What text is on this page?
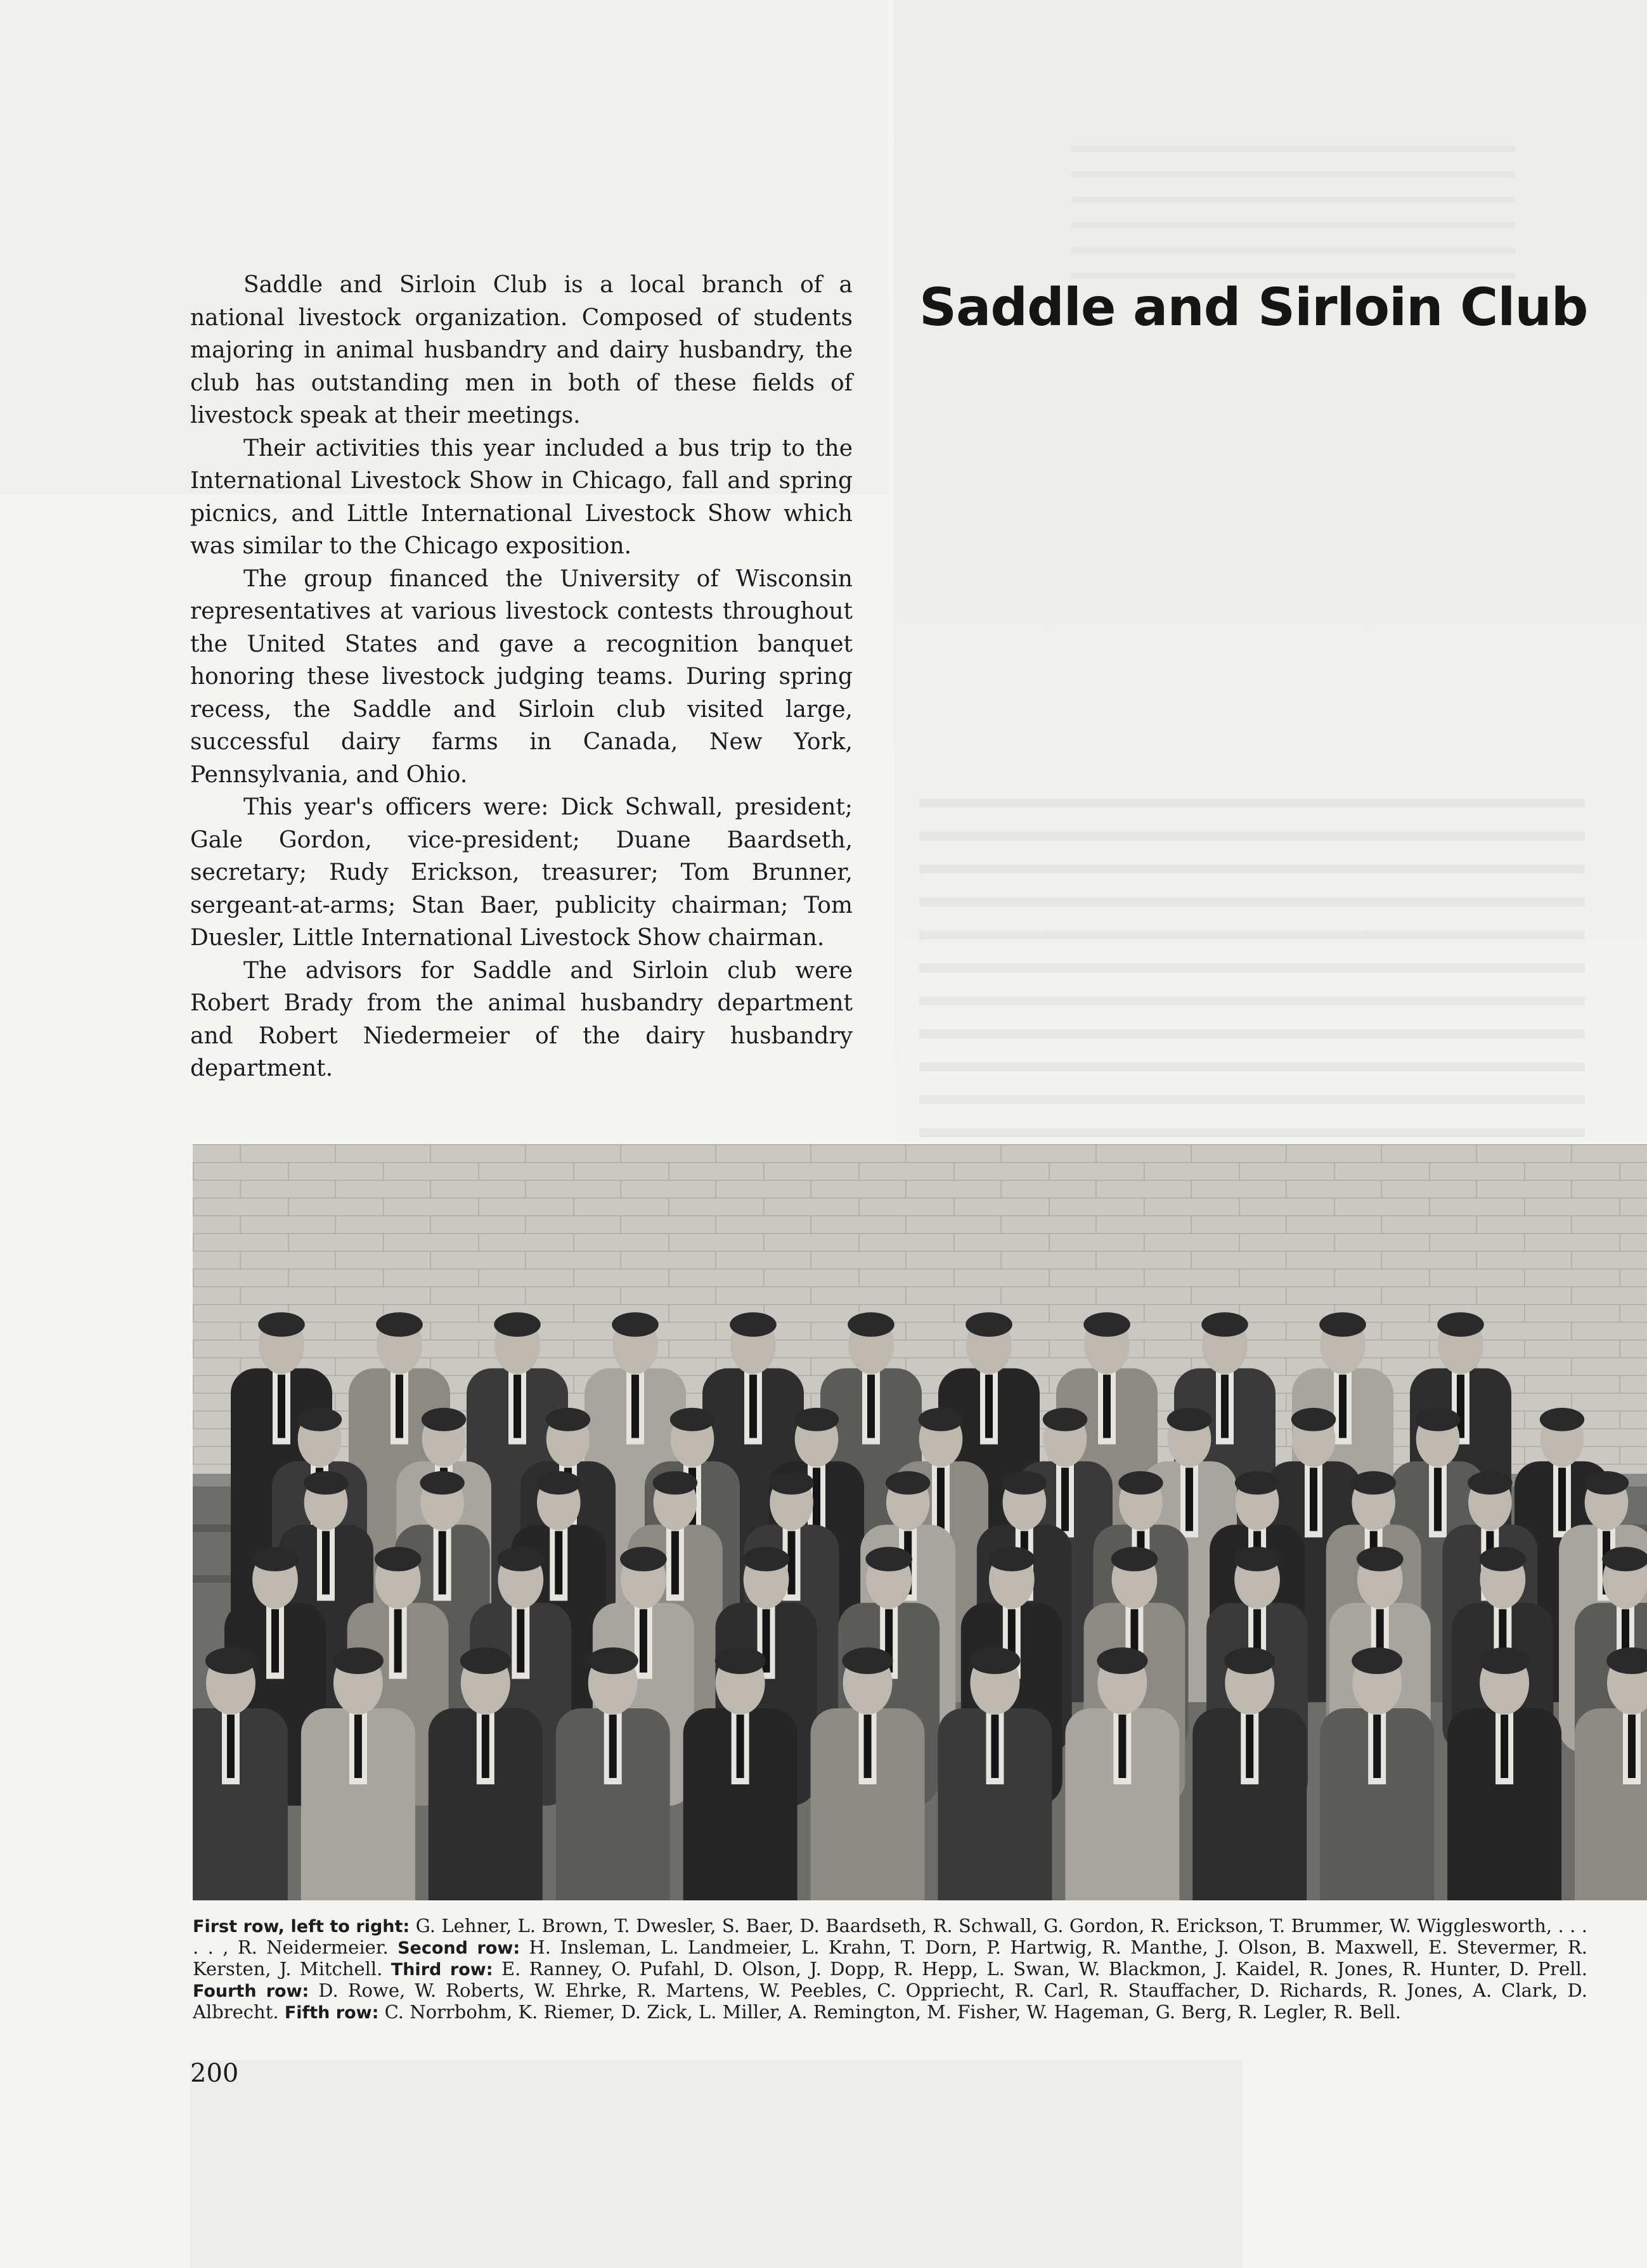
Saddle and Sirloin Club is a local branch of a national livestock organization. Composed of students majoring in animal husbandry and dairy husbandry, the club has outstanding men in both of these fields of livestock speak at their meetings.

Their activities this year included a bus trip to the International Livestock Show in Chicago, fall and spring picnics, and Little International Livestock Show which was similar to the Chicago exposition.

The group financed the University of Wisconsin representatives at various livestock contests throughout the United States and gave a recognition banquet honoring these livestock judging teams. During spring recess, the Saddle and Sirloin club visited large, successful dairy farms in Canada, New York, Pennsylvania, and Ohio.

This year's officers were: Dick Schwall, president; Gale Gordon, vice-president; Duane Baardseth, secretary; Rudy Erickson, treasurer; Tom Brunner, sergeant-at-arms; Stan Baer, publicity chairman; Tom Duesler, Little International Livestock Show chairman.

The advisors for Saddle and Sirloin club were Robert Brady from the animal husbandry department and Robert Niedermeier of the dairy husbandry department.

Saddle and Sirloin Club
First row, left to right: G. Lehner, L. Brown, T. Dwesler, S. Baer, D. Baardseth, R. Schwall, G. Gordon, R. Erickson, T. Brummer, W. Wigglesworth, . . . . . , R. Neidermeier. Second row: H. Insleman, L. Landmeier, L. Krahn, T. Dorn, P. Hartwig, R. Manthe, J. Olson, B. Maxwell, E. Stevermer, R. Kersten, J. Mitchell. Third row: E. Ranney, O. Pufahl, D. Olson, J. Dopp, R. Hepp, L. Swan, W. Blackmon, J. Kaidel, R. Jones, R. Hunter, D. Prell. Fourth row: D. Rowe, W. Roberts, W. Ehrke, R. Martens, W. Peebles, C. Oppriecht, R. Carl, R. Stauffacher, D. Richards, R. Jones, A. Clark, D. Albrecht. Fifth row: C. Norrbohm, K. Riemer, D. Zick, L. Miller, A. Remington, M. Fisher, W. Hageman, G. Berg, R. Legler, R. Bell.
200
